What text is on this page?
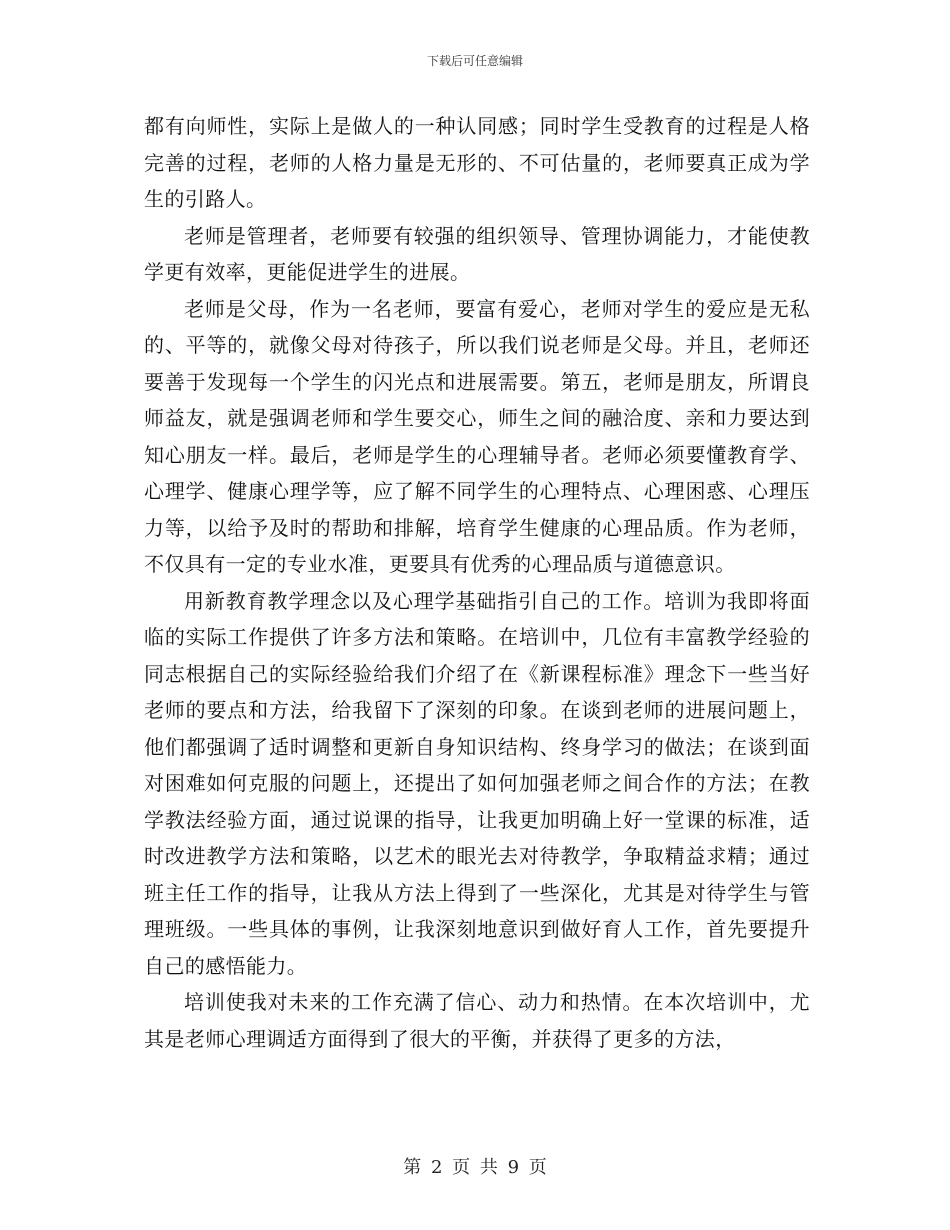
下载后可任意编辑

都有向师性，实际上是做人的一种认同感；同时学生受教育的过程是人格完善的过程，老师的人格力量是无形的、不可估量的，老师要真正成为学生的引路人。

老师是管理者，老师要有较强的组织领导、管理协调能力，才能使教学更有效率，更能促进学生的进展。

老师是父母，作为一名老师，要富有爱心，老师对学生的爱应是无私的、平等的，就像父母对待孩子，所以我们说老师是父母。并且，老师还要善于发现每一个学生的闪光点和进展需要。第五，老师是朋友，所谓良师益友，就是强调老师和学生要交心，师生之间的融洽度、亲和力要达到知心朋友一样。最后，老师是学生的心理辅导者。老师必须要懂教育学、心理学、健康心理学等，应了解不同学生的心理特点、心理困惑、心理压力等，以给予及时的帮助和排解，培育学生健康的心理品质。作为老师，不仅具有一定的专业水准，更要具有优秀的心理品质与道德意识。

用新教育教学理念以及心理学基础指引自己的工作。培训为我即将面临的实际工作提供了许多方法和策略。在培训中，几位有丰富教学经验的同志根据自己的实际经验给我们介绍了在《新课程标准》理念下一些当好老师的要点和方法，给我留下了深刻的印象。在谈到老师的进展问题上，他们都强调了适时调整和更新自身知识结构、终身学习的做法；在谈到面对困难如何克服的问题上，还提出了如何加强老师之间合作的方法；在教学教法经验方面，通过说课的指导，让我更加明确上好一堂课的标准，适时改进教学方法和策略，以艺术的眼光去对待教学，争取精益求精；通过班主任工作的指导，让我从方法上得到了一些深化，尤其是对待学生与管理班级。一些具体的事例，让我深刻地意识到做好育人工作，首先要提升自己的感悟能力。

培训使我对未来的工作充满了信心、动力和热情。在本次培训中，尤其是老师心理调适方面得到了很大的平衡，并获得了更多的方法，

第 2 页 共 9 页
